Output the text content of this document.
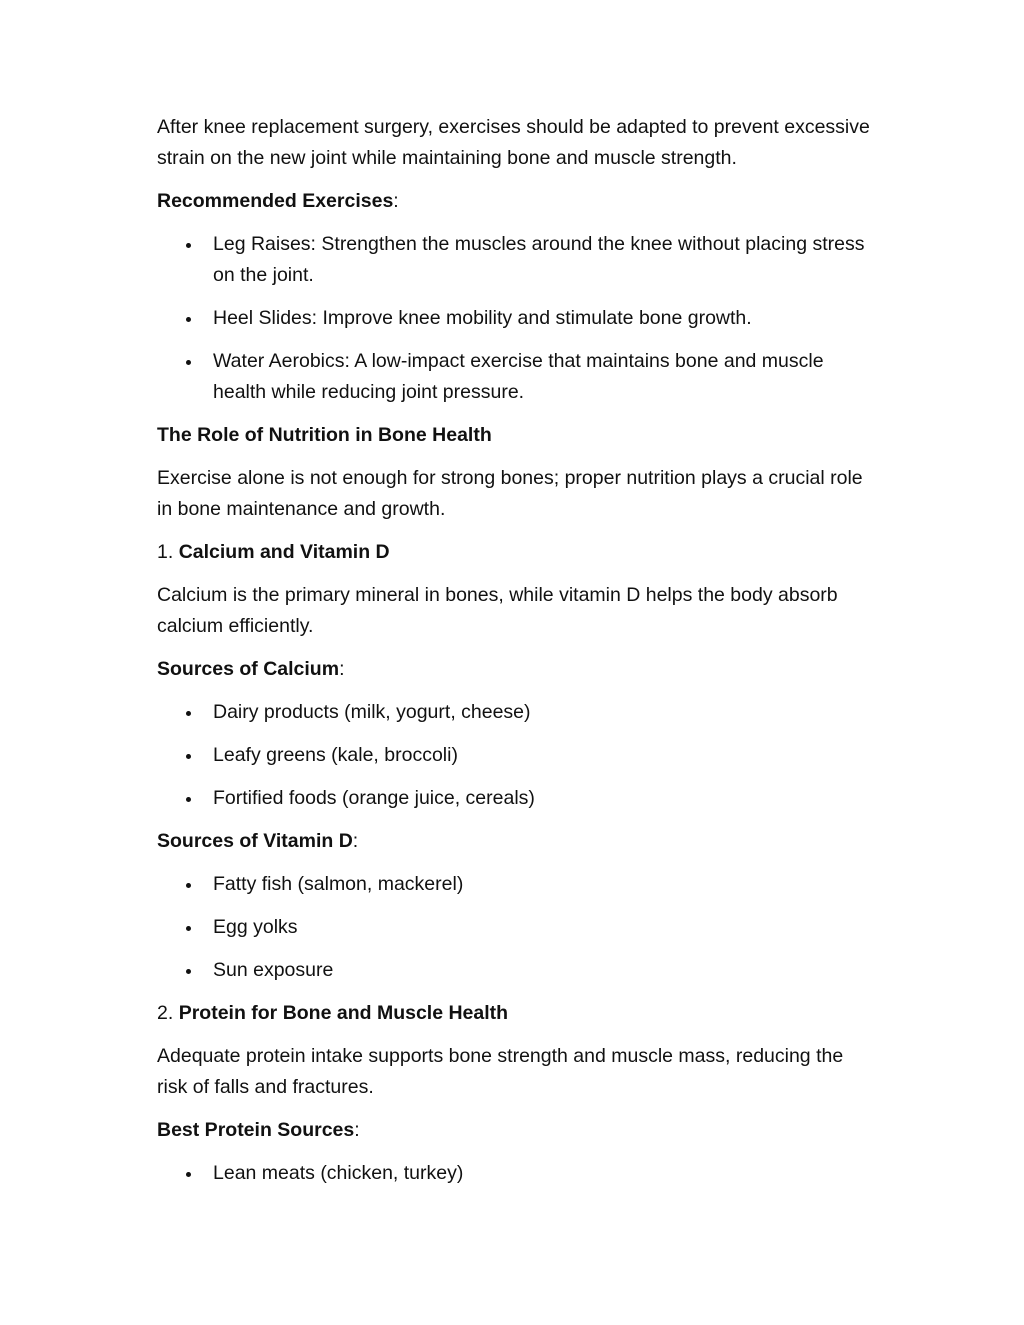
After knee replacement surgery, exercises should be adapted to prevent excessive strain on the new joint while maintaining bone and muscle strength.

Recommended Exercises:

Leg Raises: Strengthen the muscles around the knee without placing stress on the joint.
Heel Slides: Improve knee mobility and stimulate bone growth.
Water Aerobics: A low-impact exercise that maintains bone and muscle health while reducing joint pressure.

The Role of Nutrition in Bone Health

Exercise alone is not enough for strong bones; proper nutrition plays a crucial role in bone maintenance and growth.

1. Calcium and Vitamin D

Calcium is the primary mineral in bones, while vitamin D helps the body absorb calcium efficiently.

Sources of Calcium:

Dairy products (milk, yogurt, cheese)
Leafy greens (kale, broccoli)
Fortified foods (orange juice, cereals)

Sources of Vitamin D:

Fatty fish (salmon, mackerel)
Egg yolks
Sun exposure

2. Protein for Bone and Muscle Health

Adequate protein intake supports bone strength and muscle mass, reducing the risk of falls and fractures.

Best Protein Sources:

Lean meats (chicken, turkey)
